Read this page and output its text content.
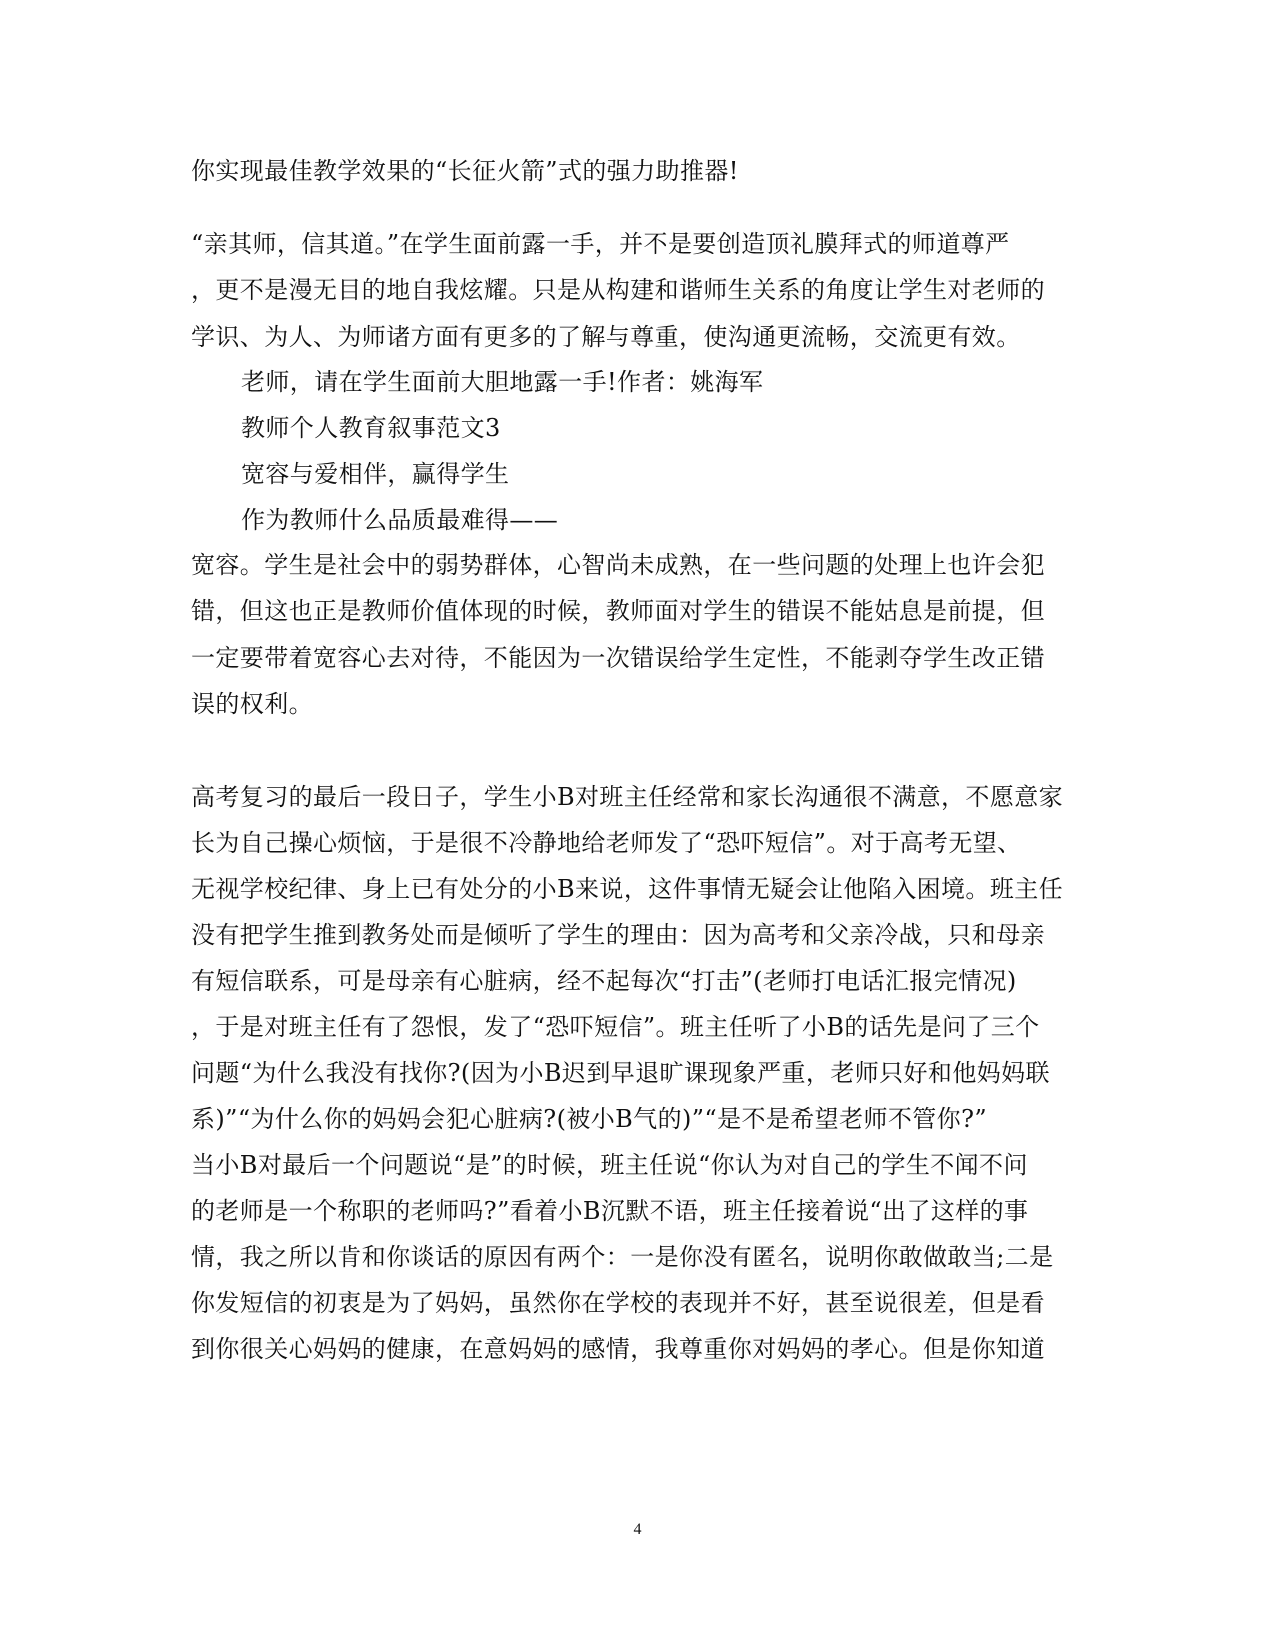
你实现最佳教学效果的“长征火箭”式的强力助推器!
“亲其师，信其道。”在学生面前露一手，并不是要创造顶礼膜拜式的师道尊严
，更不是漫无目的地自我炫耀。只是从构建和谐师生关系的角度让学生对老师的
学识、为人、为师诸方面有更多的了解与尊重，使沟通更流畅，交流更有效。
老师，请在学生面前大胆地露一手!作者：姚海军
教师个人教育叙事范文3
宽容与爱相伴，赢得学生
作为教师什么品质最难得——
宽容。学生是社会中的弱势群体，心智尚未成熟，在一些问题的处理上也许会犯
错，但这也正是教师价值体现的时候，教师面对学生的错误不能姑息是前提，但
一定要带着宽容心去对待，不能因为一次错误给学生定性，不能剥夺学生改正错
误的权利。
高考复习的最后一段日子，学生小B对班主任经常和家长沟通很不满意，不愿意家
长为自己操心烦恼，于是很不冷静地给老师发了“恐吓短信”。对于高考无望、
无视学校纪律、身上已有处分的小B来说，这件事情无疑会让他陷入困境。班主任
没有把学生推到教务处而是倾听了学生的理由：因为高考和父亲冷战，只和母亲
有短信联系，可是母亲有心脏病，经不起每次“打击”(老师打电话汇报完情况)
，于是对班主任有了怨恨，发了“恐吓短信”。班主任听了小B的话先是问了三个
问题“为什么我没有找你?(因为小B迟到早退旷课现象严重，老师只好和他妈妈联
系)”“为什么你的妈妈会犯心脏病?(被小B气的)”“是不是希望老师不管你?”
当小B对最后一个问题说“是”的时候，班主任说“你认为对自己的学生不闻不问
的老师是一个称职的老师吗?”看着小B沉默不语，班主任接着说“出了这样的事
情，我之所以肯和你谈话的原因有两个：一是你没有匿名，说明你敢做敢当;二是
你发短信的初衷是为了妈妈，虽然你在学校的表现并不好，甚至说很差，但是看
到你很关心妈妈的健康，在意妈妈的感情，我尊重你对妈妈的孝心。但是你知道
4
